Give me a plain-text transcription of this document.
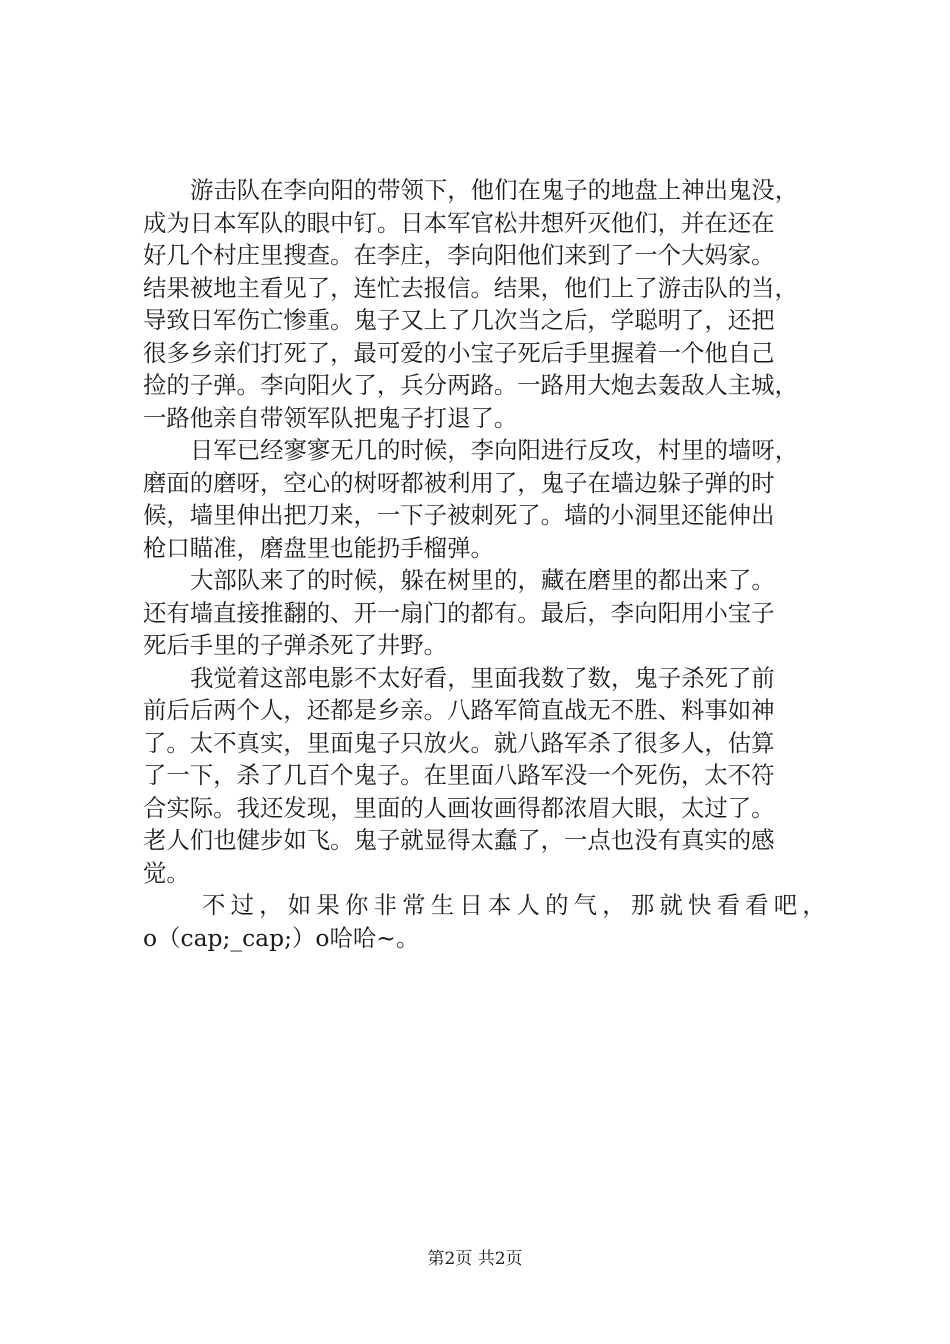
游击队在李向阳的带领下，他们在鬼子的地盘上神出鬼没，
成为日本军队的眼中钉。日本军官松井想歼灭他们，并在还在
好几个村庄里搜查。在李庄，李向阳他们来到了一个大妈家。
结果被地主看见了，连忙去报信。结果，他们上了游击队的当，
导致日军伤亡惨重。鬼子又上了几次当之后，学聪明了，还把
很多乡亲们打死了，最可爱的小宝子死后手里握着一个他自己
捡的子弹。李向阳火了，兵分两路。一路用大炮去轰敌人主城，
一路他亲自带领军队把鬼子打退了。
日军已经寥寥无几的时候，李向阳进行反攻，村里的墙呀，
磨面的磨呀，空心的树呀都被利用了，鬼子在墙边躲子弹的时
候，墙里伸出把刀来，一下子被刺死了。墙的小洞里还能伸出
枪口瞄准，磨盘里也能扔手榴弹。
大部队来了的时候，躲在树里的，藏在磨里的都出来了。
还有墙直接推翻的、开一扇门的都有。最后，李向阳用小宝子
死后手里的子弹杀死了井野。
我觉着这部电影不太好看，里面我数了数，鬼子杀死了前
前后后两个人，还都是乡亲。八路军简直战无不胜、料事如神
了。太不真实，里面鬼子只放火。就八路军杀了很多人，估算
了一下，杀了几百个鬼子。在里面八路军没一个死伤，太不符
合实际。我还发现，里面的人画妆画得都浓眉大眼，太过了。
老人们也健步如飞。鬼子就显得太蠢了，一点也没有真实的感
觉。
不过，如果你非常生日本人的气，那就快看看吧，
o（cap;_cap;）o哈哈~。
第2页 共2页
